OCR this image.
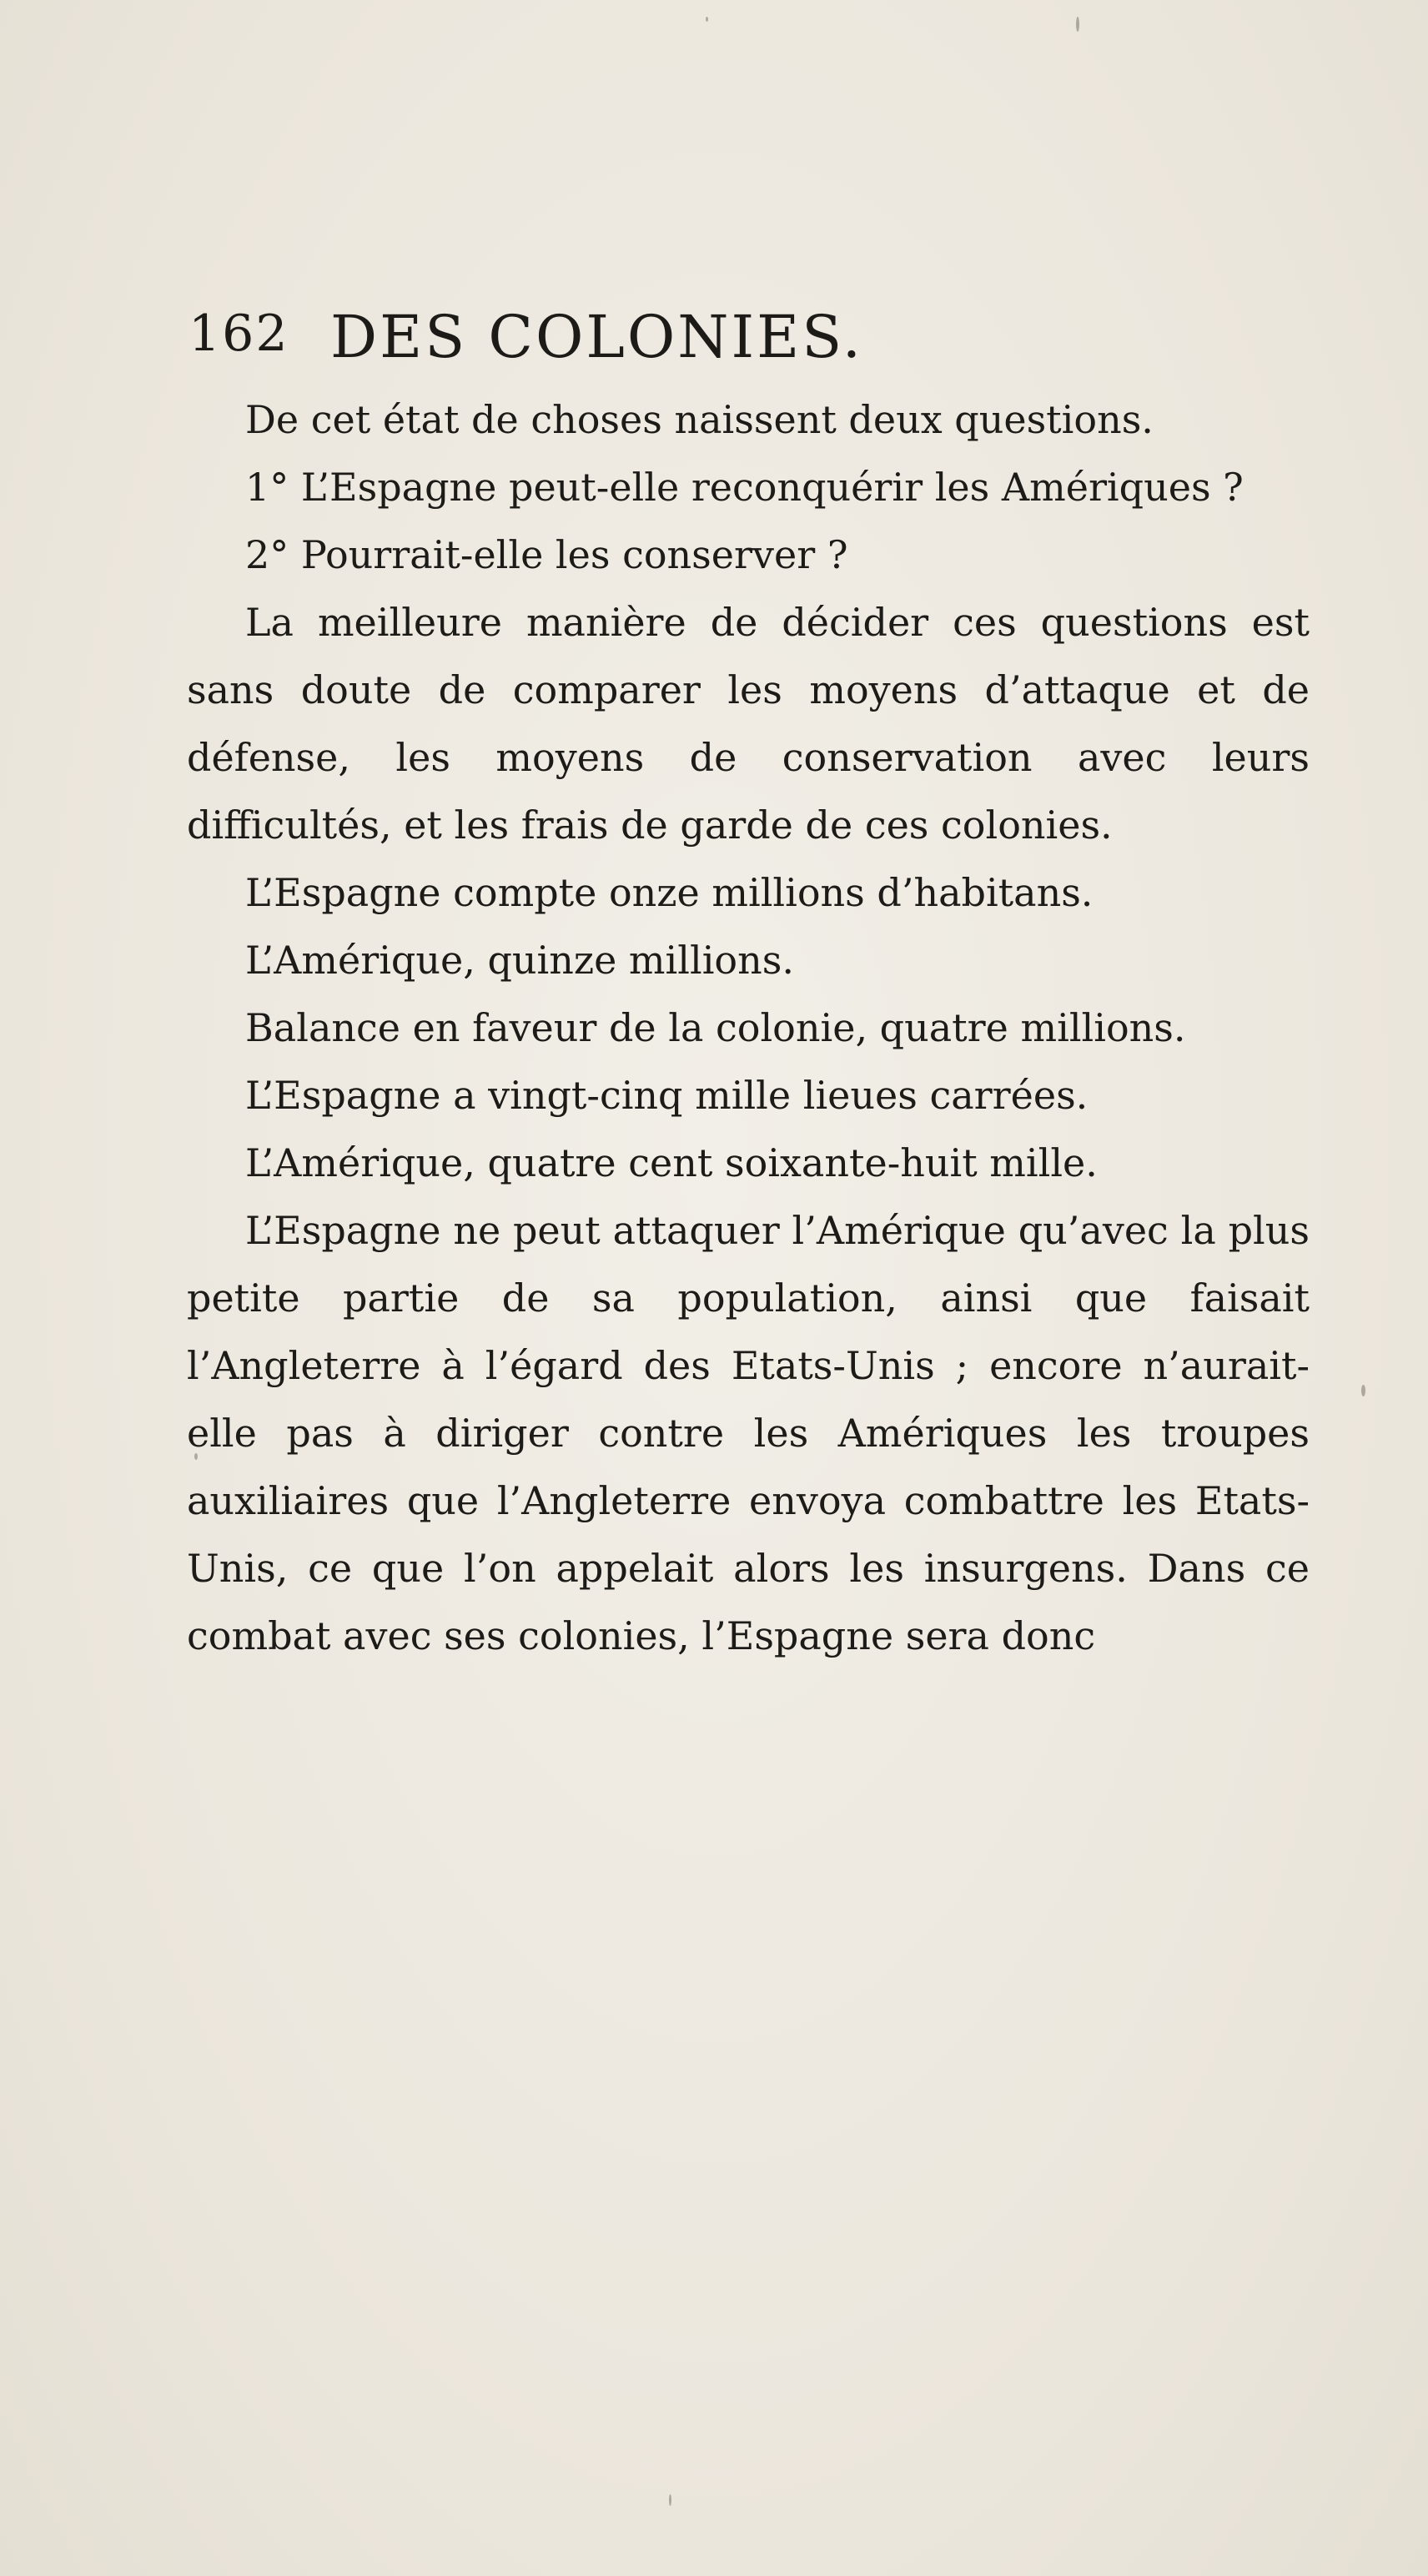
162 DES COLONIES.

De cet état de choses naissent deux questions.

1° L’Espagne peut-elle reconquérir les Amériques ?

2° Pourrait-elle les conserver ?

La meilleure manière de décider ces questions est sans doute de comparer les moyens d’attaque et de défense, les moyens de conservation avec leurs difficultés, et les frais de garde de ces colonies.

L’Espagne compte onze millions d’habitans.

L’Amérique, quinze millions.

Balance en faveur de la colonie, quatre millions.

L’Espagne a vingt-cinq mille lieues carrées.

L’Amérique, quatre cent soixante-huit mille.

L’Espagne ne peut attaquer l’Amérique qu’avec la plus petite partie de sa population, ainsi que faisait l’Angleterre à l’égard des Etats-Unis ; encore n’aurait-elle pas à diriger contre les Amériques les troupes auxiliaires que l’Angleterre envoya combattre les Etats-Unis, ce que l’on appelait alors les insurgens. Dans ce combat avec ses colonies, l’Espagne sera donc
